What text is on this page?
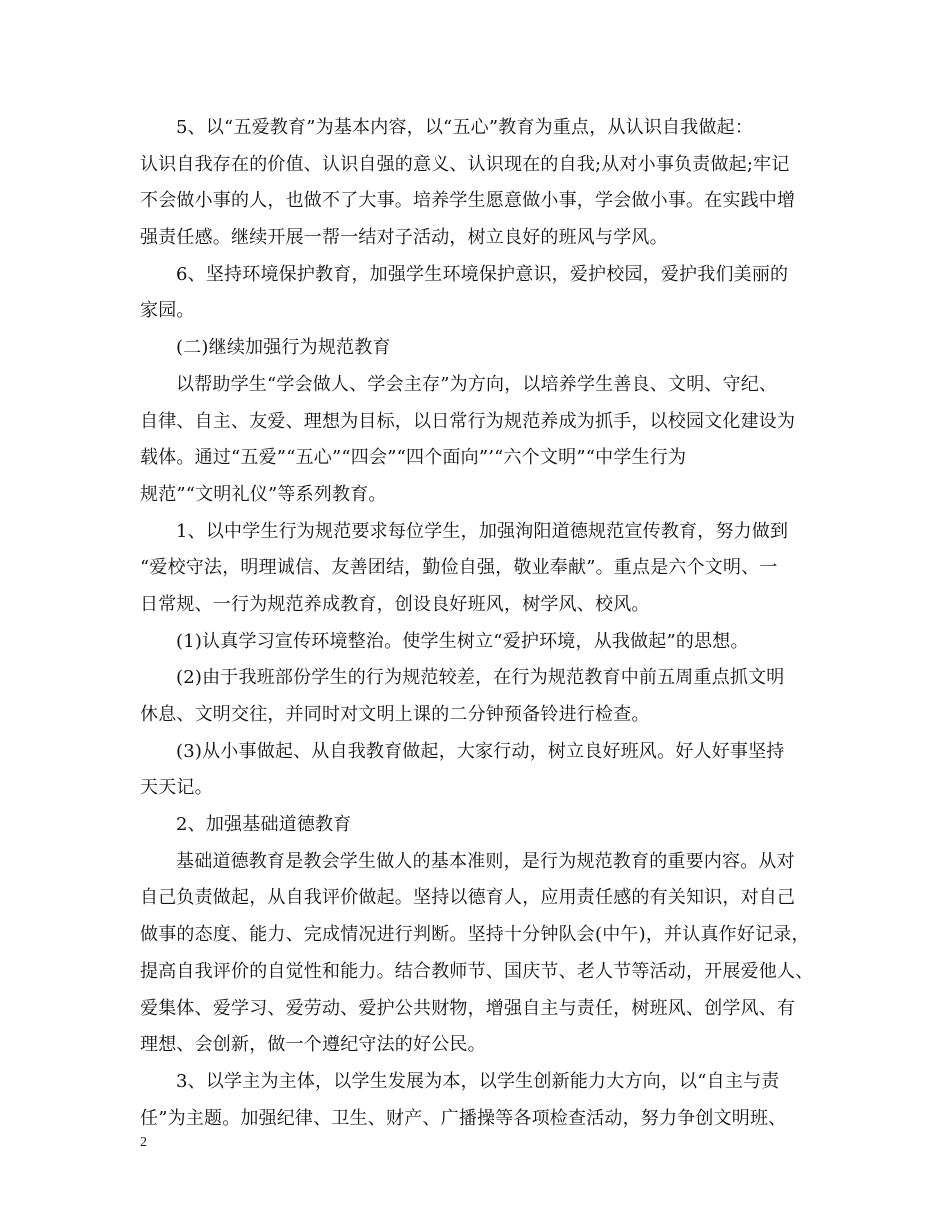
5、以“五爱教育”为基本内容，以“五心”教育为重点，从认识自我做起：
认识自我存在的价值、认识自强的意义、认识现在的自我;从对小事负责做起;牢记
不会做小事的人，也做不了大事。培养学生愿意做小事，学会做小事。在实践中增
强责任感。继续开展一帮一结对子活动，树立良好的班风与学风。
6、坚持环境保护教育，加强学生环境保护意识，爱护校园，爱护我们美丽的
家园。
(二)继续加强行为规范教育
以帮助学生“学会做人、学会主存”为方向，以培养学生善良、文明、守纪、
自律、自主、友爱、理想为目标，以日常行为规范养成为抓手，以校园文化建设为
载体。通过“五爱”“五心”“四会”“四个面向”’“六个文明”“中学生行为
规范”“文明礼仪”等系列教育。
1、以中学生行为规范要求每位学生，加强洵阳道德规范宣传教育，努力做到
“爱校守法，明理诚信、友善团结，勤俭自强，敬业奉献”。重点是六个文明、一
日常规、一行为规范养成教育，创设良好班风，树学风、校风。
(1)认真学习宣传环境整治。使学生树立“爱护环境，从我做起”的思想。
(2)由于我班部份学生的行为规范较差，在行为规范教育中前五周重点抓文明
休息、文明交往，并同时对文明上课的二分钟预备铃进行检查。
(3)从小事做起、从自我教育做起，大家行动，树立良好班风。好人好事坚持
天天记。
2、加强基础道德教育
基础道德教育是教会学生做人的基本准则，是行为规范教育的重要内容。从对
自己负责做起，从自我评价做起。坚持以德育人，应用责任感的有关知识，对自己
做事的态度、能力、完成情况进行判断。坚持十分钟队会(中午)，并认真作好记录，
提高自我评价的自觉性和能力。结合教师节、国庆节、老人节等活动，开展爱他人、
爱集体、爱学习、爱劳动、爱护公共财物，增强自主与责任，树班风、创学风、有
理想、会创新，做一个遵纪守法的好公民。
3、以学主为主体，以学生发展为本，以学生创新能力大方向，以“自主与责
任”为主题。加强纪律、卫生、财产、广播操等各项检查活动，努力争创文明班、
2
